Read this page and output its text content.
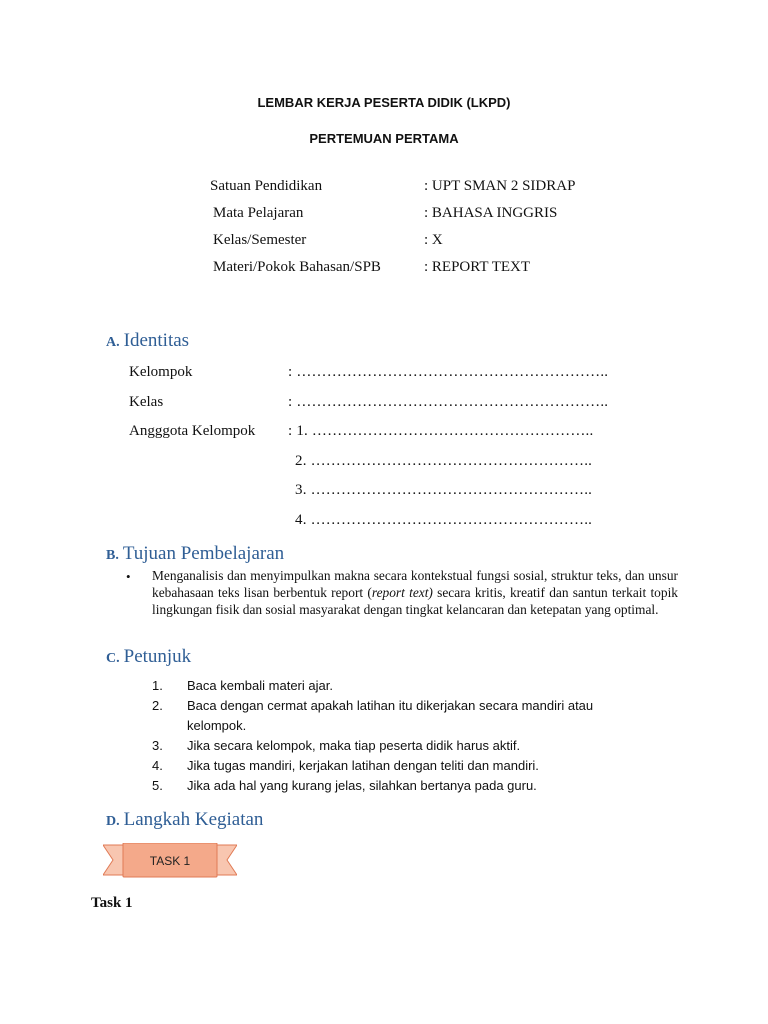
LEMBAR KERJA PESERTA DIDIK (LKPD)
PERTEMUAN PERTAMA
Satuan Pendidikan	: UPT SMAN 2 SIDRAP
Mata Pelajaran	: BAHASA INGGRIS
Kelas/Semester	: X
Materi/Pokok Bahasan/SPB	: REPORT TEXT
A. Identitas
Kelompok	: ……………………………………………………..
Kelas	: ……………………………………………………..
Angggota Kelompok : 1. ………………………………………………..
2. ………………………………………………..
3. ………………………………………………..
4. ………………………………………………..
B. Tujuan Pembelajaran
• Menganalisis dan menyimpulkan makna secara kontekstual fungsi sosial, struktur teks, dan unsur kebahasaan teks lisan berbentuk report (report text) secara kritis, kreatif dan santun terkait topik lingkungan fisik dan sosial masyarakat dengan tingkat kelancaran dan ketepatan yang optimal.
C. Petunjuk
1. Baca kembali materi ajar.
2. Baca dengan cermat apakah latihan itu dikerjakan secara mandiri atau kelompok.
3. Jika secara kelompok, maka tiap peserta didik harus aktif.
4. Jika tugas mandiri, kerjakan latihan dengan teliti dan mandiri.
5. Jika ada hal yang kurang jelas, silahkan bertanya pada guru.
D. Langkah Kegiatan
TASK 1
Task 1
